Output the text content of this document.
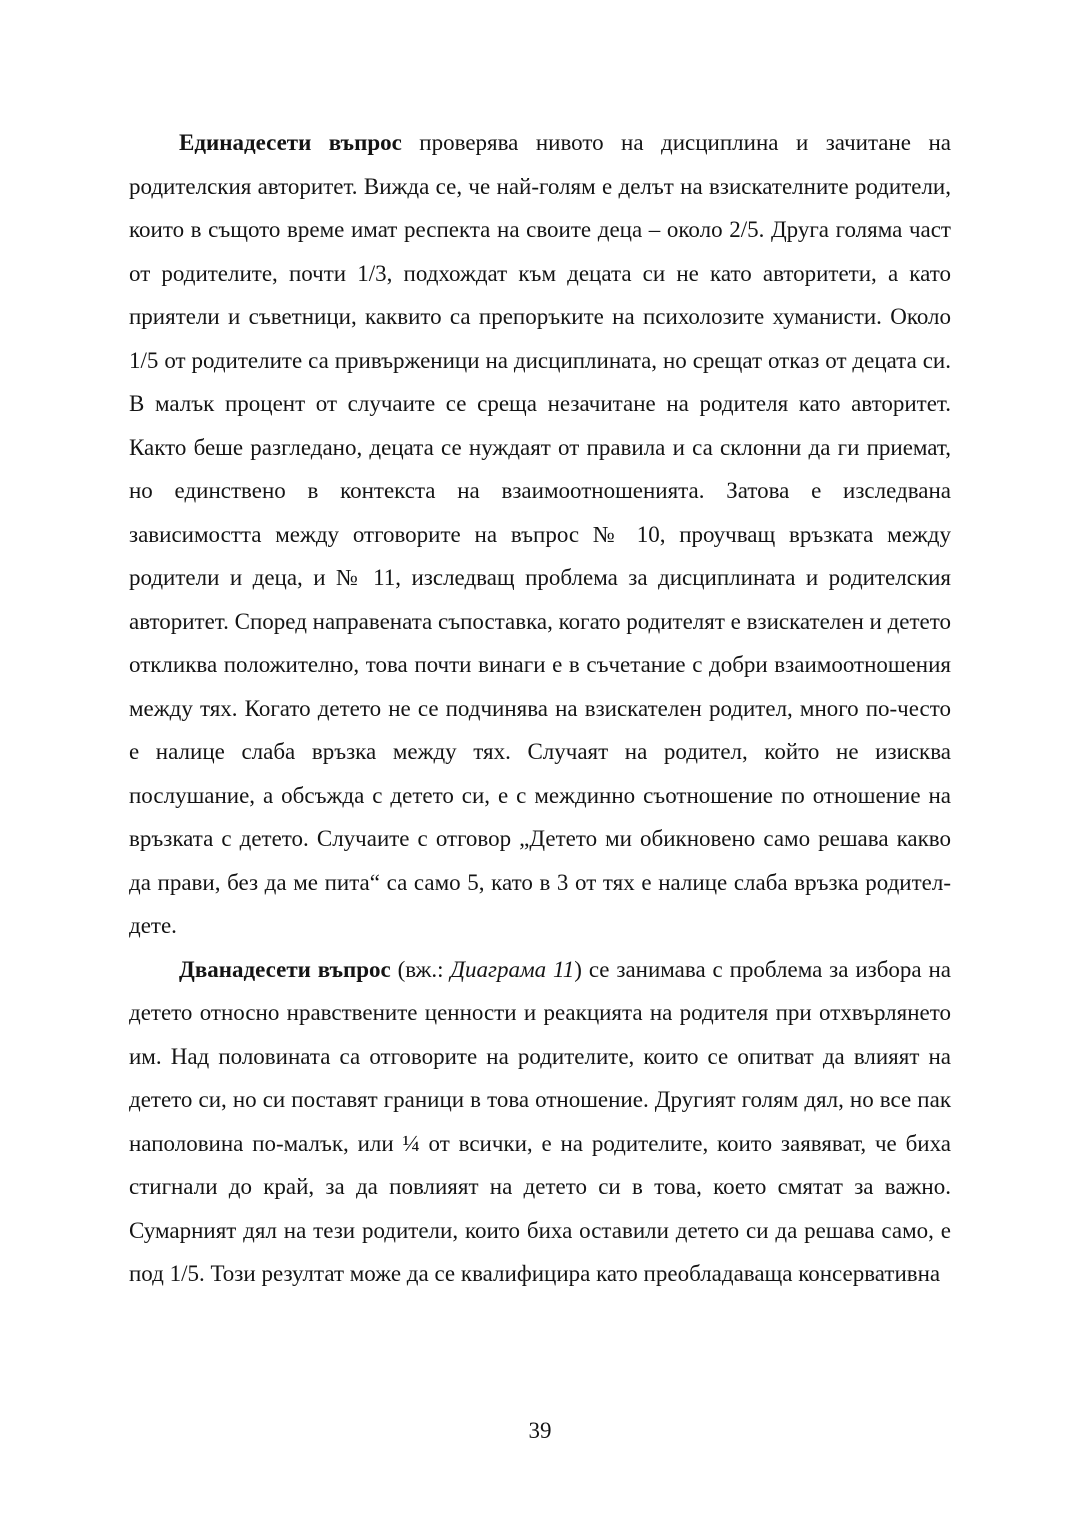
Единадесети въпрос проверява нивото на дисциплина и зачитане на родителския авторитет. Вижда се, че най-голям е делът на взискателните родители, които в същото време имат респекта на своите деца – около 2/5. Друга голяма част от родителите, почти 1/3, подхождат към децата си не като авторитети, а като приятели и съветници, каквито са препоръките на психолозите хуманисти. Около 1/5 от родителите са привърженици на дисциплината, но срещат отказ от децата си. В малък процент от случаите се среща незачитане на родителя като авторитет. Както беше разгледано, децата се нуждаят от правила и са склонни да ги приемат, но единствено в контекста на взаимоотношенията. Затова е изследвана зависимостта между отговорите на въпрос № 10, проучващ връзката между родители и деца, и № 11, изследващ проблема за дисциплината и родителския авторитет. Според направената съпоставка, когато родителят е взискателен и детето откликва положително, това почти винаги е в съчетание с добри взаимоотношения между тях. Когато детето не се подчинява на взискателен родител, много по-често е налице слаба връзка между тях. Случаят на родител, който не изисква послушание, а обсъжда с детето си, е с междинно съотношение по отношение на връзката с детето. Случаите с отговор „Детето ми обикновено само решава какво да прави, без да ме пита“ са само 5, като в 3 от тях е налице слаба връзка родител-дете.

Дванадесети въпрос (вж.: Диаграма 11) се занимава с проблема за избора на детето относно нравствените ценности и реакцията на родителя при отхвърлянето им. Над половината са отговорите на родителите, които се опитват да влияят на детето си, но си поставят граници в това отношение. Другият голям дял, но все пак наполовина по-малък, или ¼ от всички, е на родителите, които заявяват, че биха стигнали до край, за да повлияят на детето си в това, което смятат за важно. Сумарният дял на тези родители, които биха оставили детето си да решава само, е под 1/5. Този резултат може да се квалифицира като преобладаваща консервативна

39
